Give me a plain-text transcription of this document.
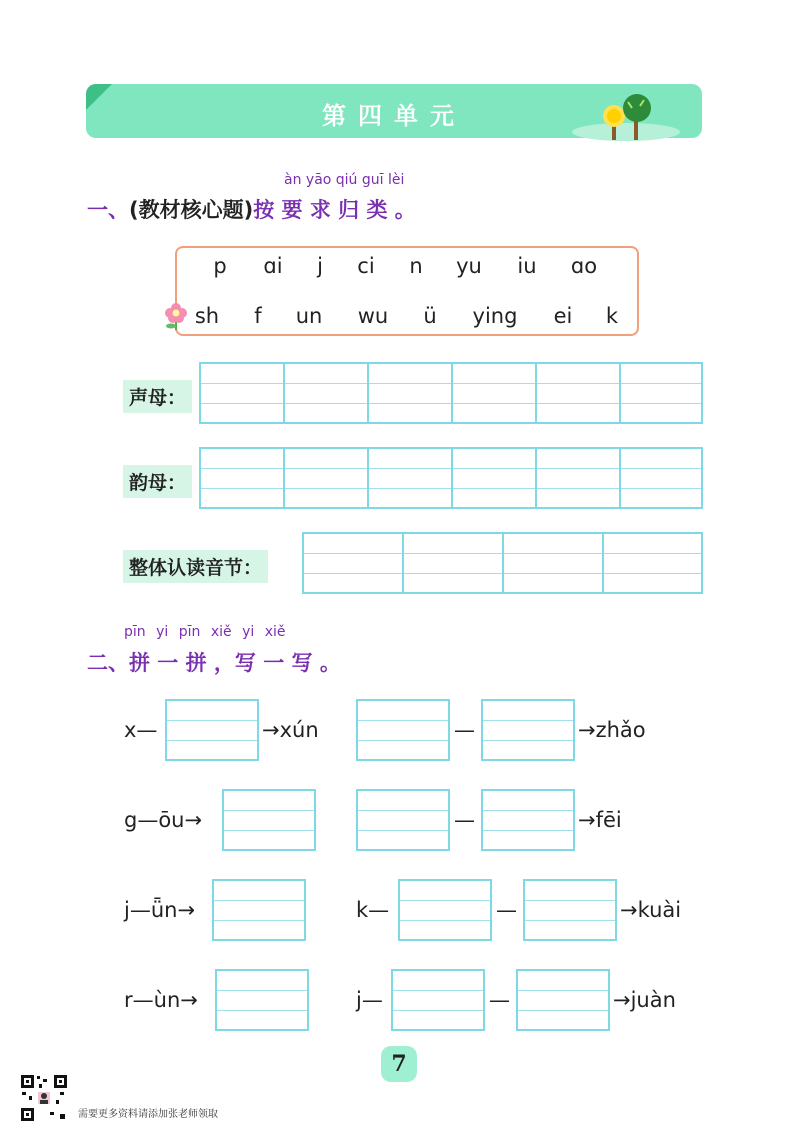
第四单元
àn yāo qiú guī lèi
一、(教材核心题)按 要 求 归 类 。
p ɑi j ci n yu iu ɑo
sh f un wu ü ying ei k
声母：
韵母：
整体认读音节：
pīn yi pīn xiě yi xiě
二、拼 一 拼 ，写 一 写 。
x—	→xún	—	→zhǎo
g—ōu→	—	→fēi
j—ǖn→	k—	—	→kuài
r—ùn→	j—	—	→juàn
7
需要更多资料请添加张老师领取
